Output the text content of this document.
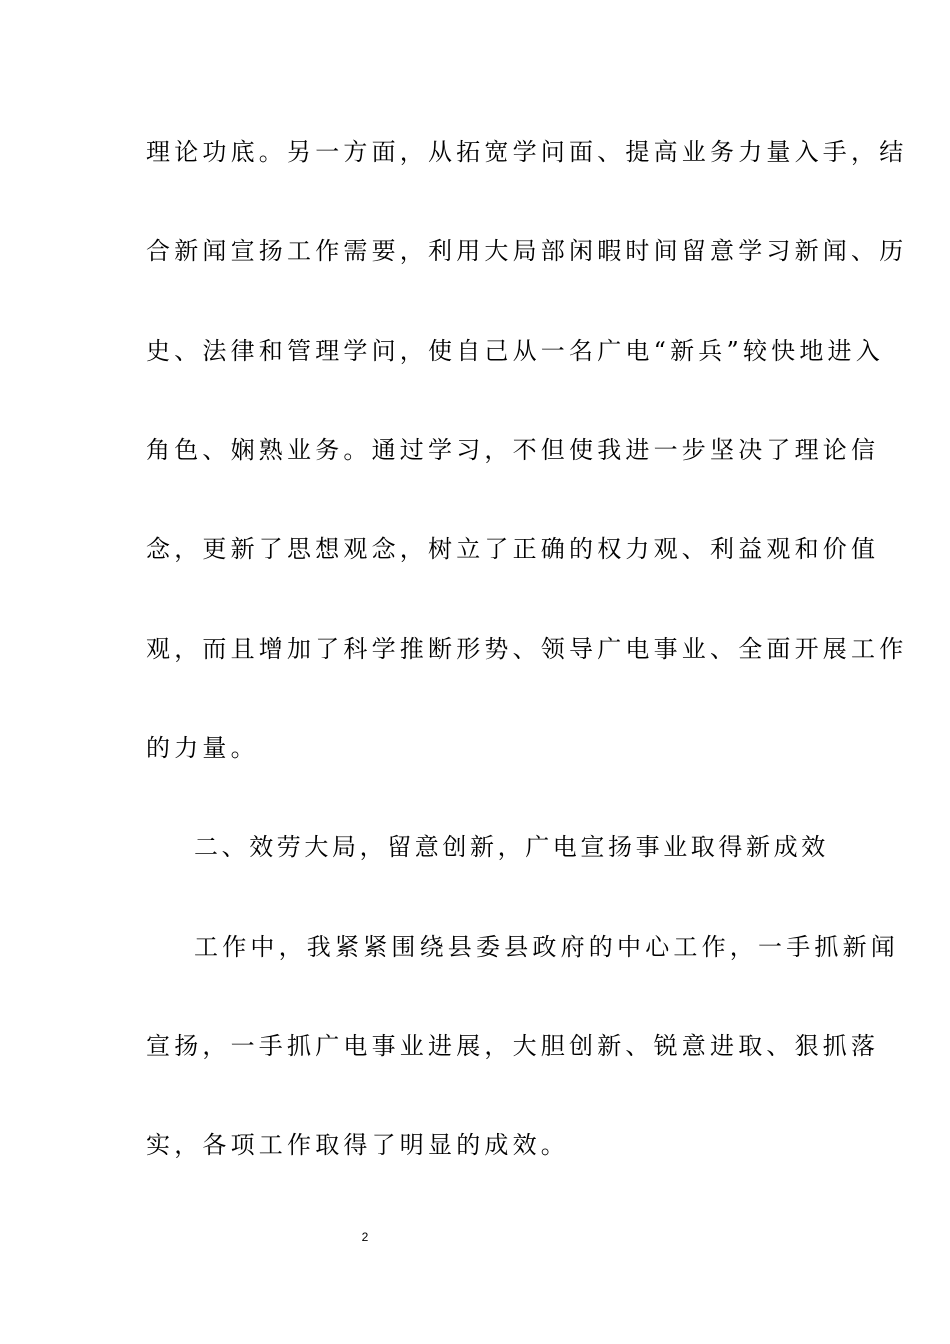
理论功底。另一方面，从拓宽学问面、提高业务力量入手，结
合新闻宣扬工作需要，利用大局部闲暇时间留意学习新闻、历
史、法律和管理学问，使自己从一名广电“新兵”较快地进入
角色、娴熟业务。通过学习，不但使我进一步坚决了理论信
念，更新了思想观念，树立了正确的权力观、利益观和价值
观，而且增加了科学推断形势、领导广电事业、全面开展工作
的力量。
二、效劳大局，留意创新，广电宣扬事业取得新成效
工作中，我紧紧围绕县委县政府的中心工作，一手抓新闻
宣扬，一手抓广电事业进展，大胆创新、锐意进取、狠抓落
实，各项工作取得了明显的成效。
2
